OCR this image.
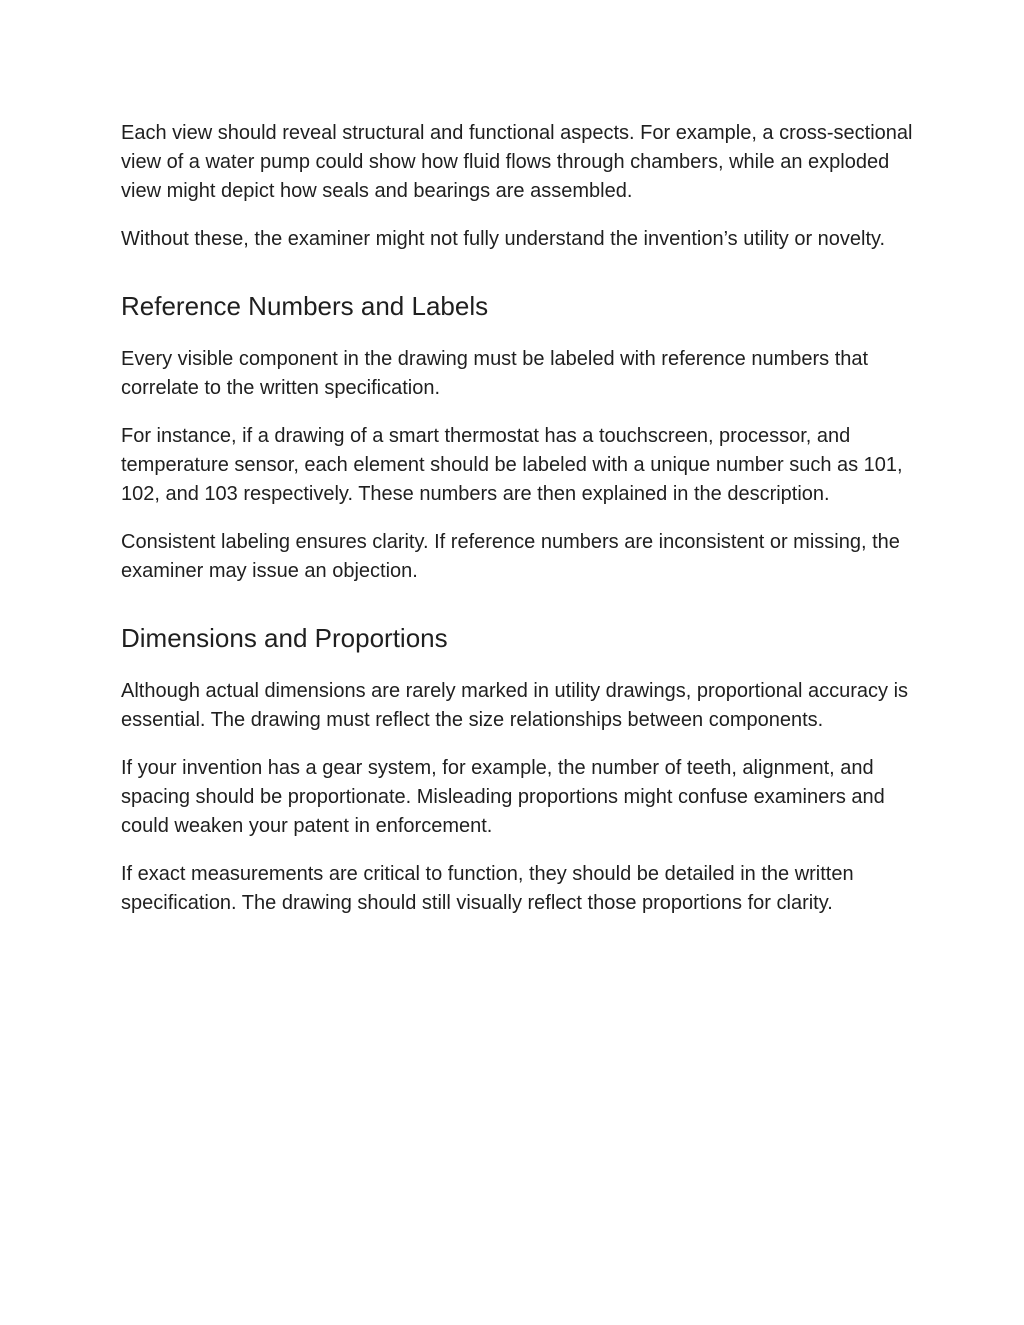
Each view should reveal structural and functional aspects. For example, a cross-sectional view of a water pump could show how fluid flows through chambers, while an exploded view might depict how seals and bearings are assembled.

Without these, the examiner might not fully understand the invention’s utility or novelty.

Reference Numbers and Labels

Every visible component in the drawing must be labeled with reference numbers that correlate to the written specification.

For instance, if a drawing of a smart thermostat has a touchscreen, processor, and temperature sensor, each element should be labeled with a unique number such as 101, 102, and 103 respectively. These numbers are then explained in the description.

Consistent labeling ensures clarity. If reference numbers are inconsistent or missing, the examiner may issue an objection.

Dimensions and Proportions

Although actual dimensions are rarely marked in utility drawings, proportional accuracy is essential. The drawing must reflect the size relationships between components.

If your invention has a gear system, for example, the number of teeth, alignment, and spacing should be proportionate. Misleading proportions might confuse examiners and could weaken your patent in enforcement.

If exact measurements are critical to function, they should be detailed in the written specification. The drawing should still visually reflect those proportions for clarity.
